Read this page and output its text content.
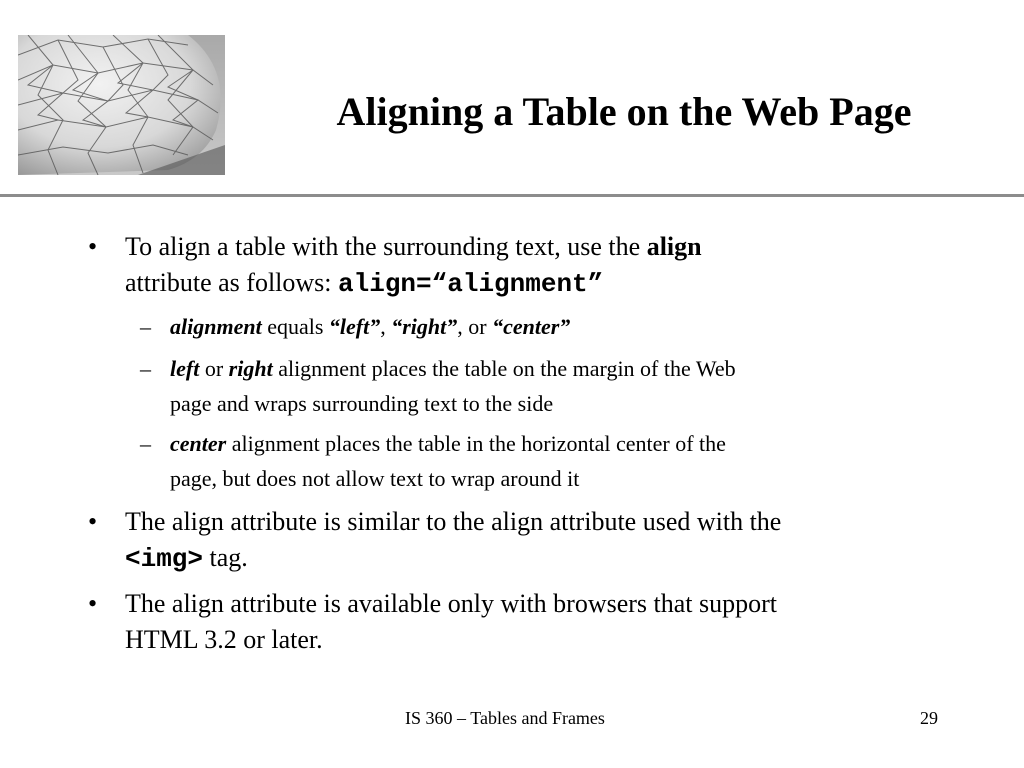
Aligning a Table on the Web Page
• To align a table with the surrounding text, use the align
attribute as follows: align=“alignment”
– alignment equals “left”, “right”, or “center”
– left or right alignment places the table on the margin of the Web
page and wraps surrounding text to the side
– center alignment places the table in the horizontal center of the
page, but does not allow text to wrap around it
• The align attribute is similar to the align attribute used with the
<img> tag.
• The align attribute is available only with browsers that support
HTML 3.2 or later.
IS 360 – Tables and Frames	29
